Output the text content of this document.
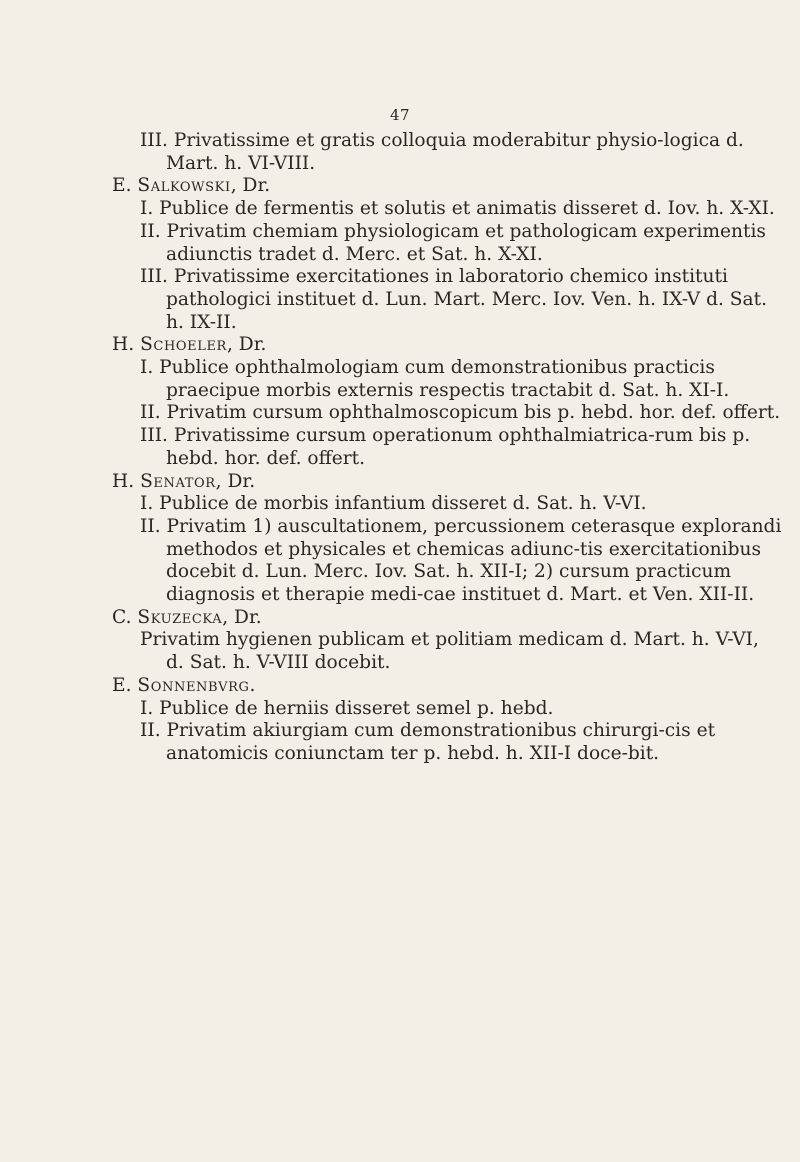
47

III. Privatissime et gratis colloquia moderabitur physio-logica d. Mart. h. VI-VIII.

E. Salkowski, Dr.

I. Publice de fermentis et solutis et animatis disseret d. Iov. h. X-XI.

II. Privatim chemiam physiologicam et pathologicam experimentis adiunctis tradet d. Merc. et Sat. h. X-XI.

III. Privatissime exercitationes in laboratorio chemico instituti pathologici instituet d. Lun. Mart. Merc. Iov. Ven. h. IX-V d. Sat. h. IX-II.

H. Schoeler, Dr.

I. Publice ophthalmologiam cum demonstrationibus practicis praecipue morbis externis respectis tractabit d. Sat. h. XI-I.

II. Privatim cursum ophthalmoscopicum bis p. hebd. hor. def. offert.

III. Privatissime cursum operationum ophthalmiatrica-rum bis p. hebd. hor. def. offert.

H. Senator, Dr.

I. Publice de morbis infantium disseret d. Sat. h. V-VI.

II. Privatim 1) auscultationem, percussionem ceterasque explorandi methodos et physicales et chemicas adiunc-tis exercitationibus docebit d. Lun. Merc. Iov. Sat. h. XII-I; 2) cursum practicum diagnosis et therapie medi-cae instituet d. Mart. et Ven. XII-II.

C. Skuzecka, Dr.

Privatim hygienen publicam et politiam medicam d. Mart. h. V-VI, d. Sat. h. V-VIII docebit.

E. Sonnenbvrg.

I. Publice de herniis disseret semel p. hebd.

II. Privatim akiurgiam cum demonstrationibus chirurgi-cis et anatomicis coniunctam ter p. hebd. h. XII-I doce-bit.
